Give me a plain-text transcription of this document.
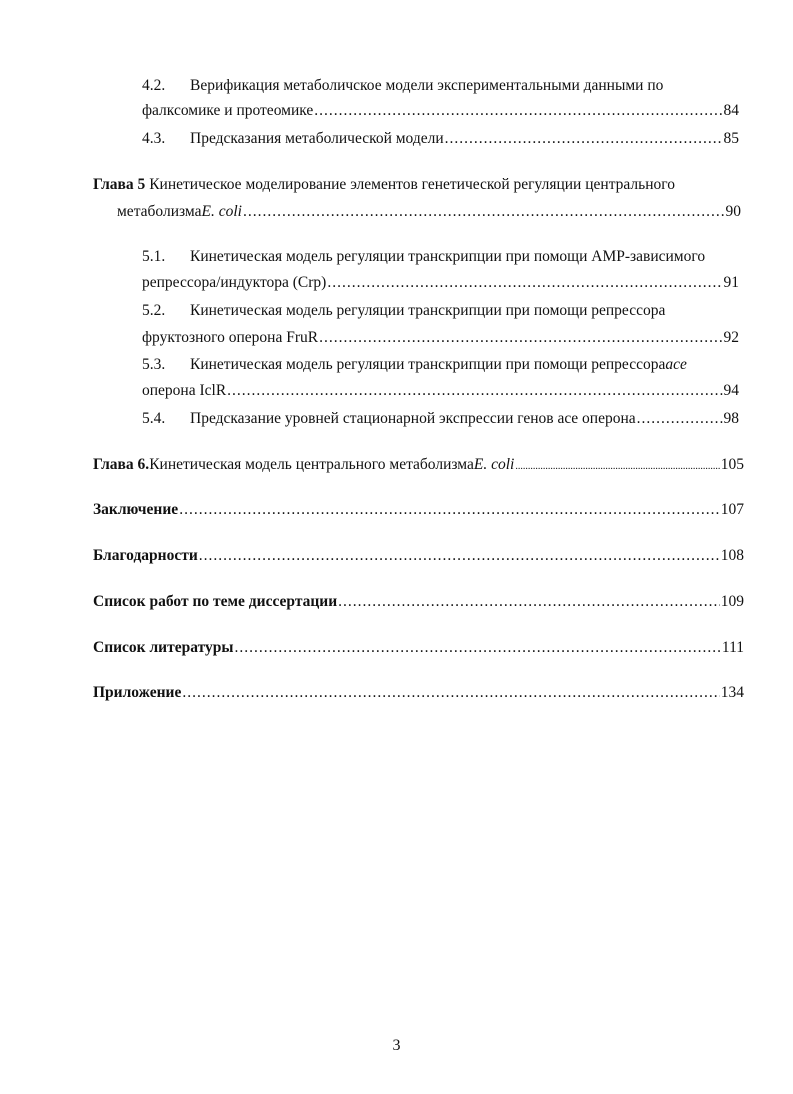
4.2.	Верификация метаболичское модели экспериментальными данными по
фалксомике и протеомике .....	84
4.3.	Предсказания метаболической модели .....	85
Глава 5
Кинетическое моделирование элементов генетической регуляции центрального
метаболизма E. coli .....	90
5.1.	Кинетическая модель регуляции транскрипции при помощи AMP-зависимого
репрессора/индуктора (Crp) .....	91
5.2.	Кинетическая модель регуляции транскрипции при помощи репрессора
фруктозного оперона FruR .....	92
5.3.	Кинетическая модель регуляции транскрипции при помощи репрессора ace
оперона IclR .....	94
5.4.	Предсказание уровней стационарной экспрессии генов ace оперона .....	98
Глава 6. Кинетическая модель центрального метаболизма E. coli .....	105
Заключение .....	107
Благодарности .....	108
Список работ по теме диссертации .....	109
Список литературы .....	111
Приложение .....	134
3
